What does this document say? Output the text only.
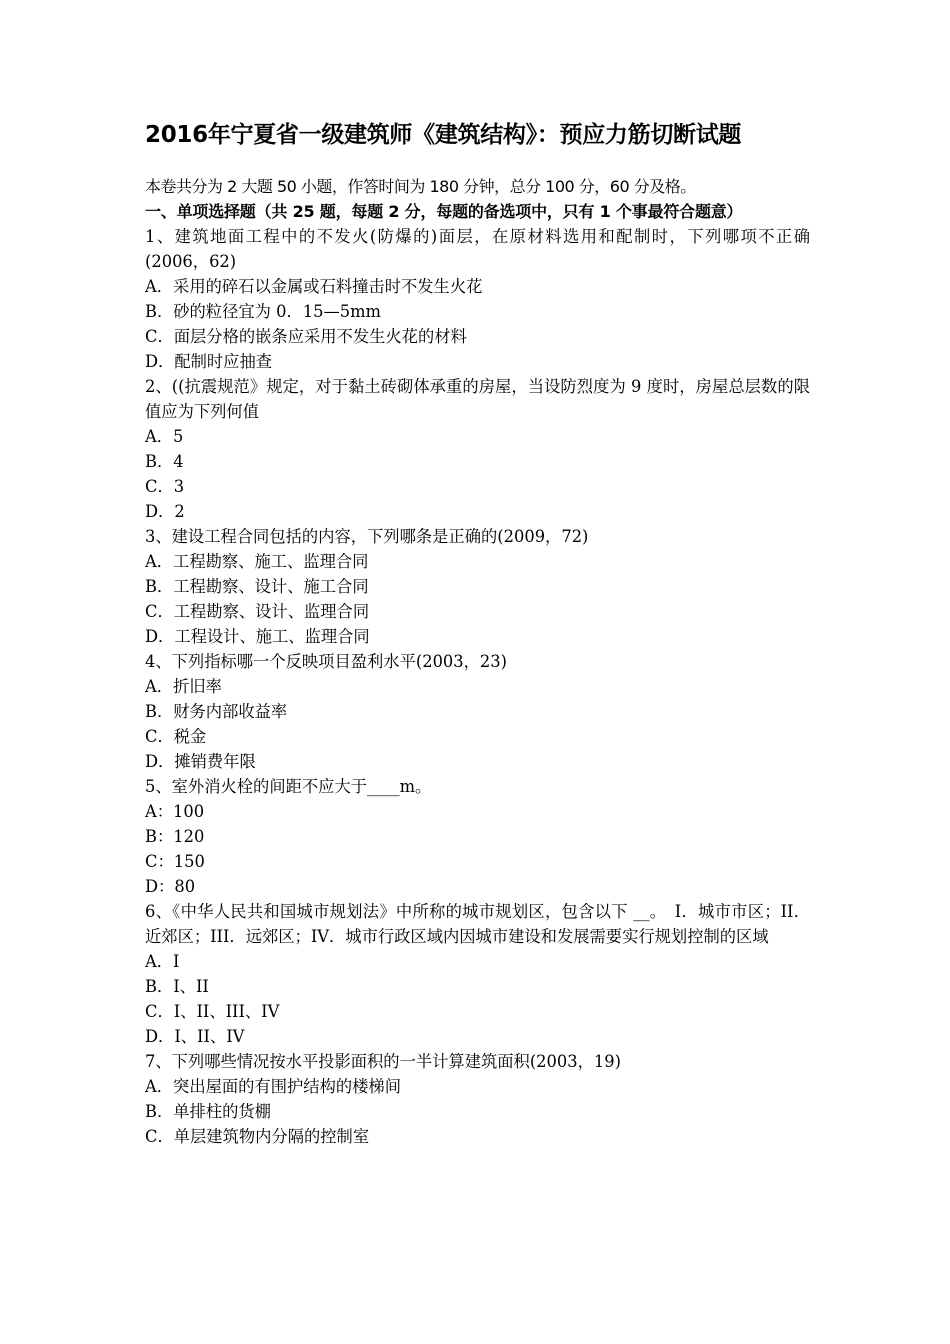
2016年宁夏省一级建筑师《建筑结构》：预应力筋切断试题
本卷共分为 2 大题 50 小题，作答时间为 180 分钟，总分 100 分，60 分及格。
一、单项选择题（共 25 题，每题 2 分，每题的备选项中，只有 1 个事最符合题意）
1、建筑地面工程中的不发火(防爆的)面层，在原材料选用和配制时，下列哪项不正确(2006，62)
A．采用的碎石以金属或石料撞击时不发生火花
B．砂的粒径宜为 0．15—5mm
C．面层分格的嵌条应采用不发生火花的材料
D．配制时应抽查
2、((抗震规范》规定，对于黏土砖砌体承重的房屋，当设防烈度为 9 度时，房屋总层数的限值应为下列何值
A．5
B．4
C．3
D．2
3、建设工程合同包括的内容，下列哪条是正确的(2009，72)
A．工程勘察、施工、监理合同
B．工程勘察、设计、施工合同
C．工程勘察、设计、监理合同
D．工程设计、施工、监理合同
4、下列指标哪一个反映项目盈利水平(2003，23)
A．折旧率
B．财务内部收益率
C．税金
D．摊销费年限
5、室外消火栓的间距不应大于____m。
A：100
B：120
C：150
D：80
6、《中华人民共和国城市规划法》中所称的城市规划区，包含以下 __。　I．城市市区；II．近郊区；III．远郊区；IV．城市行政区域内因城市建设和发展需要实行规划控制的区域
A．I
B．I、II
C．I、II、III、IV
D．I、II、IV
7、下列哪些情况按水平投影面积的一半计算建筑面积(2003，19)
A．突出屋面的有围护结构的楼梯间
B．单排柱的货棚
C．单层建筑物内分隔的控制室
